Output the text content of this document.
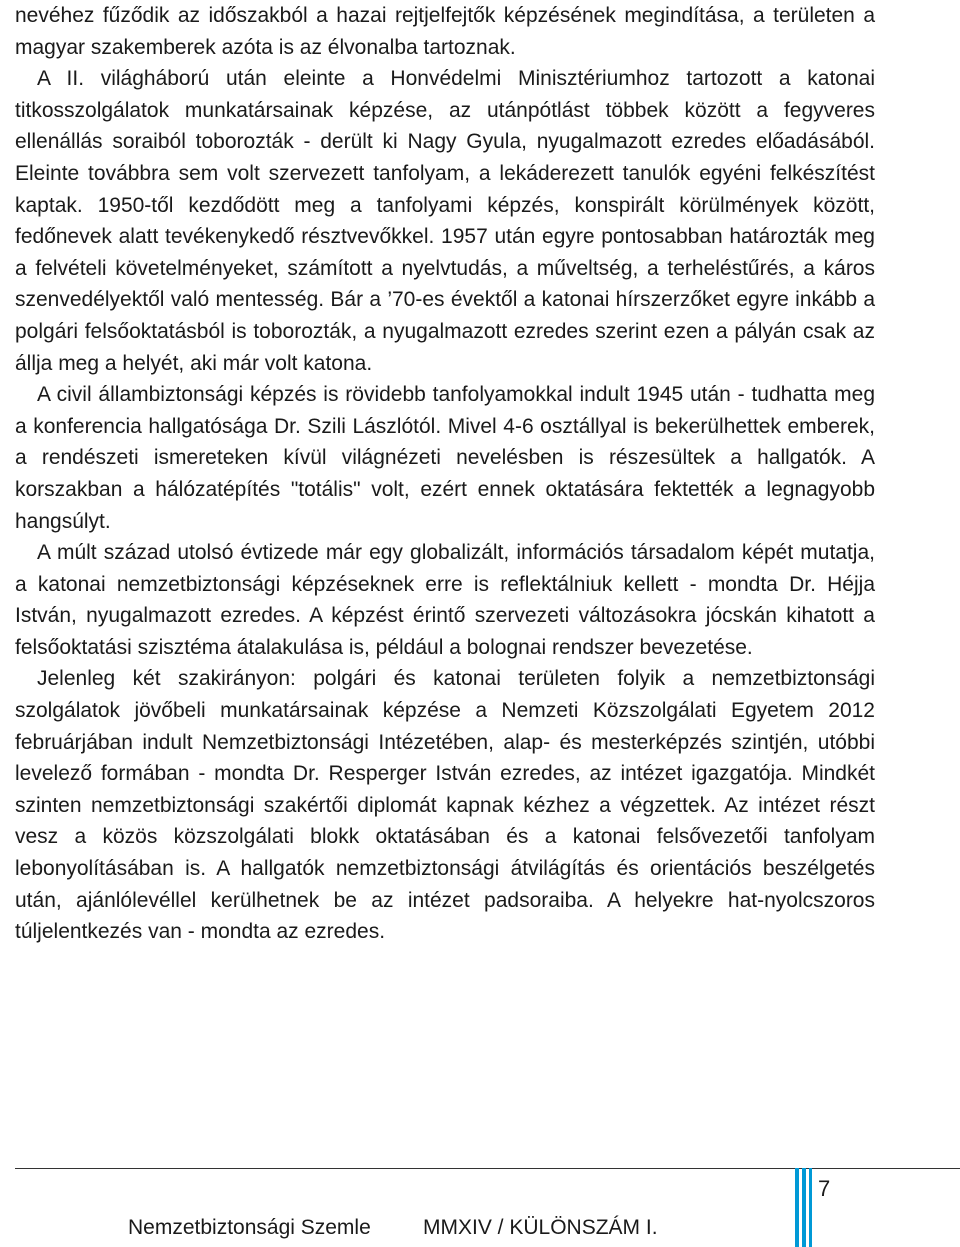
nevéhez fűződik az időszakból a hazai rejtjelfejtők képzésének megindítása, a területen a magyar szakemberek azóta is az élvonalba tartoznak.

A II. világháború után eleinte a Honvédelmi Minisztériumhoz tartozott a katonai titkosszolgálatok munkatársainak képzése, az utánpótlást többek között a fegyveres ellenállás soraiból toborozták - derült ki Nagy Gyula, nyugalmazott ezredes előadásából. Eleinte továbbra sem volt szervezett tanfolyam, a lekáderezett tanulók egyéni felkészítést kaptak. 1950-től kezdődött meg a tanfolyami képzés, konspirált körülmények között, fedőnevek alatt tevékenykedő résztvevőkkel. 1957 után egyre pontosabban határozták meg a felvételi követelményeket, számított a nyelvtudás, a műveltség, a terheléstűrés, a káros szenvedélyektől való mentesség. Bár a ’70-es évektől a katonai hírszerzőket egyre inkább a polgári felsőoktatásból is toborozták, a nyugalmazott ezredes szerint ezen a pályán csak az állja meg a helyét, aki már volt katona.

A civil állambiztonsági képzés is rövidebb tanfolyamokkal indult 1945 után - tudhatta meg a konferencia hallgatósága Dr. Szili Lászlótól. Mivel 4-6 osztállyal is bekerülhettek emberek, a rendészeti ismereteken kívül világnézeti nevelésben is részesültek a hallgatók. A korszakban a hálózatépítés "totális" volt, ezért ennek oktatására fektették a legnagyobb hangsúlyt.

A múlt század utolsó évtizede már egy globalizált, információs társadalom képét mutatja, a katonai nemzetbiztonsági képzéseknek erre is reflektálniuk kellett - mondta Dr. Héjja István, nyugalmazott ezredes. A képzést érintő szervezeti változásokra jócskán kihatott a felsőoktatási szisztéma átalakulása is, például a bolognai rendszer bevezetése.

Jelenleg két szakirányon: polgári és katonai területen folyik a nemzetbiztonsági szolgálatok jövőbeli munkatársainak képzése a Nemzeti Közszolgálati Egyetem 2012 februárjában indult Nemzetbiztonsági Intézetében, alap- és mesterképzés szintjén, utóbbi levelező formában - mondta Dr. Resperger István ezredes, az intézet igazgatója. Mindkét szinten nemzetbiztonsági szakértői diplomát kapnak kézhez a végzettek. Az intézet részt vesz a közös közszolgálati blokk oktatásában és a katonai felsővezetői tanfolyam lebonyolításában is. A hallgatók nemzetbiztonsági átvilágítás és orientációs beszélgetés után, ajánlólevéllel kerülhetnek be az intézet padsoraiba. A helyekre hat-nyolcszoros túljelentkezés van - mondta az ezredes.

7
Nemzetbiztonsági Szemle MMXIV / KÜLÖNSZÁM I.
